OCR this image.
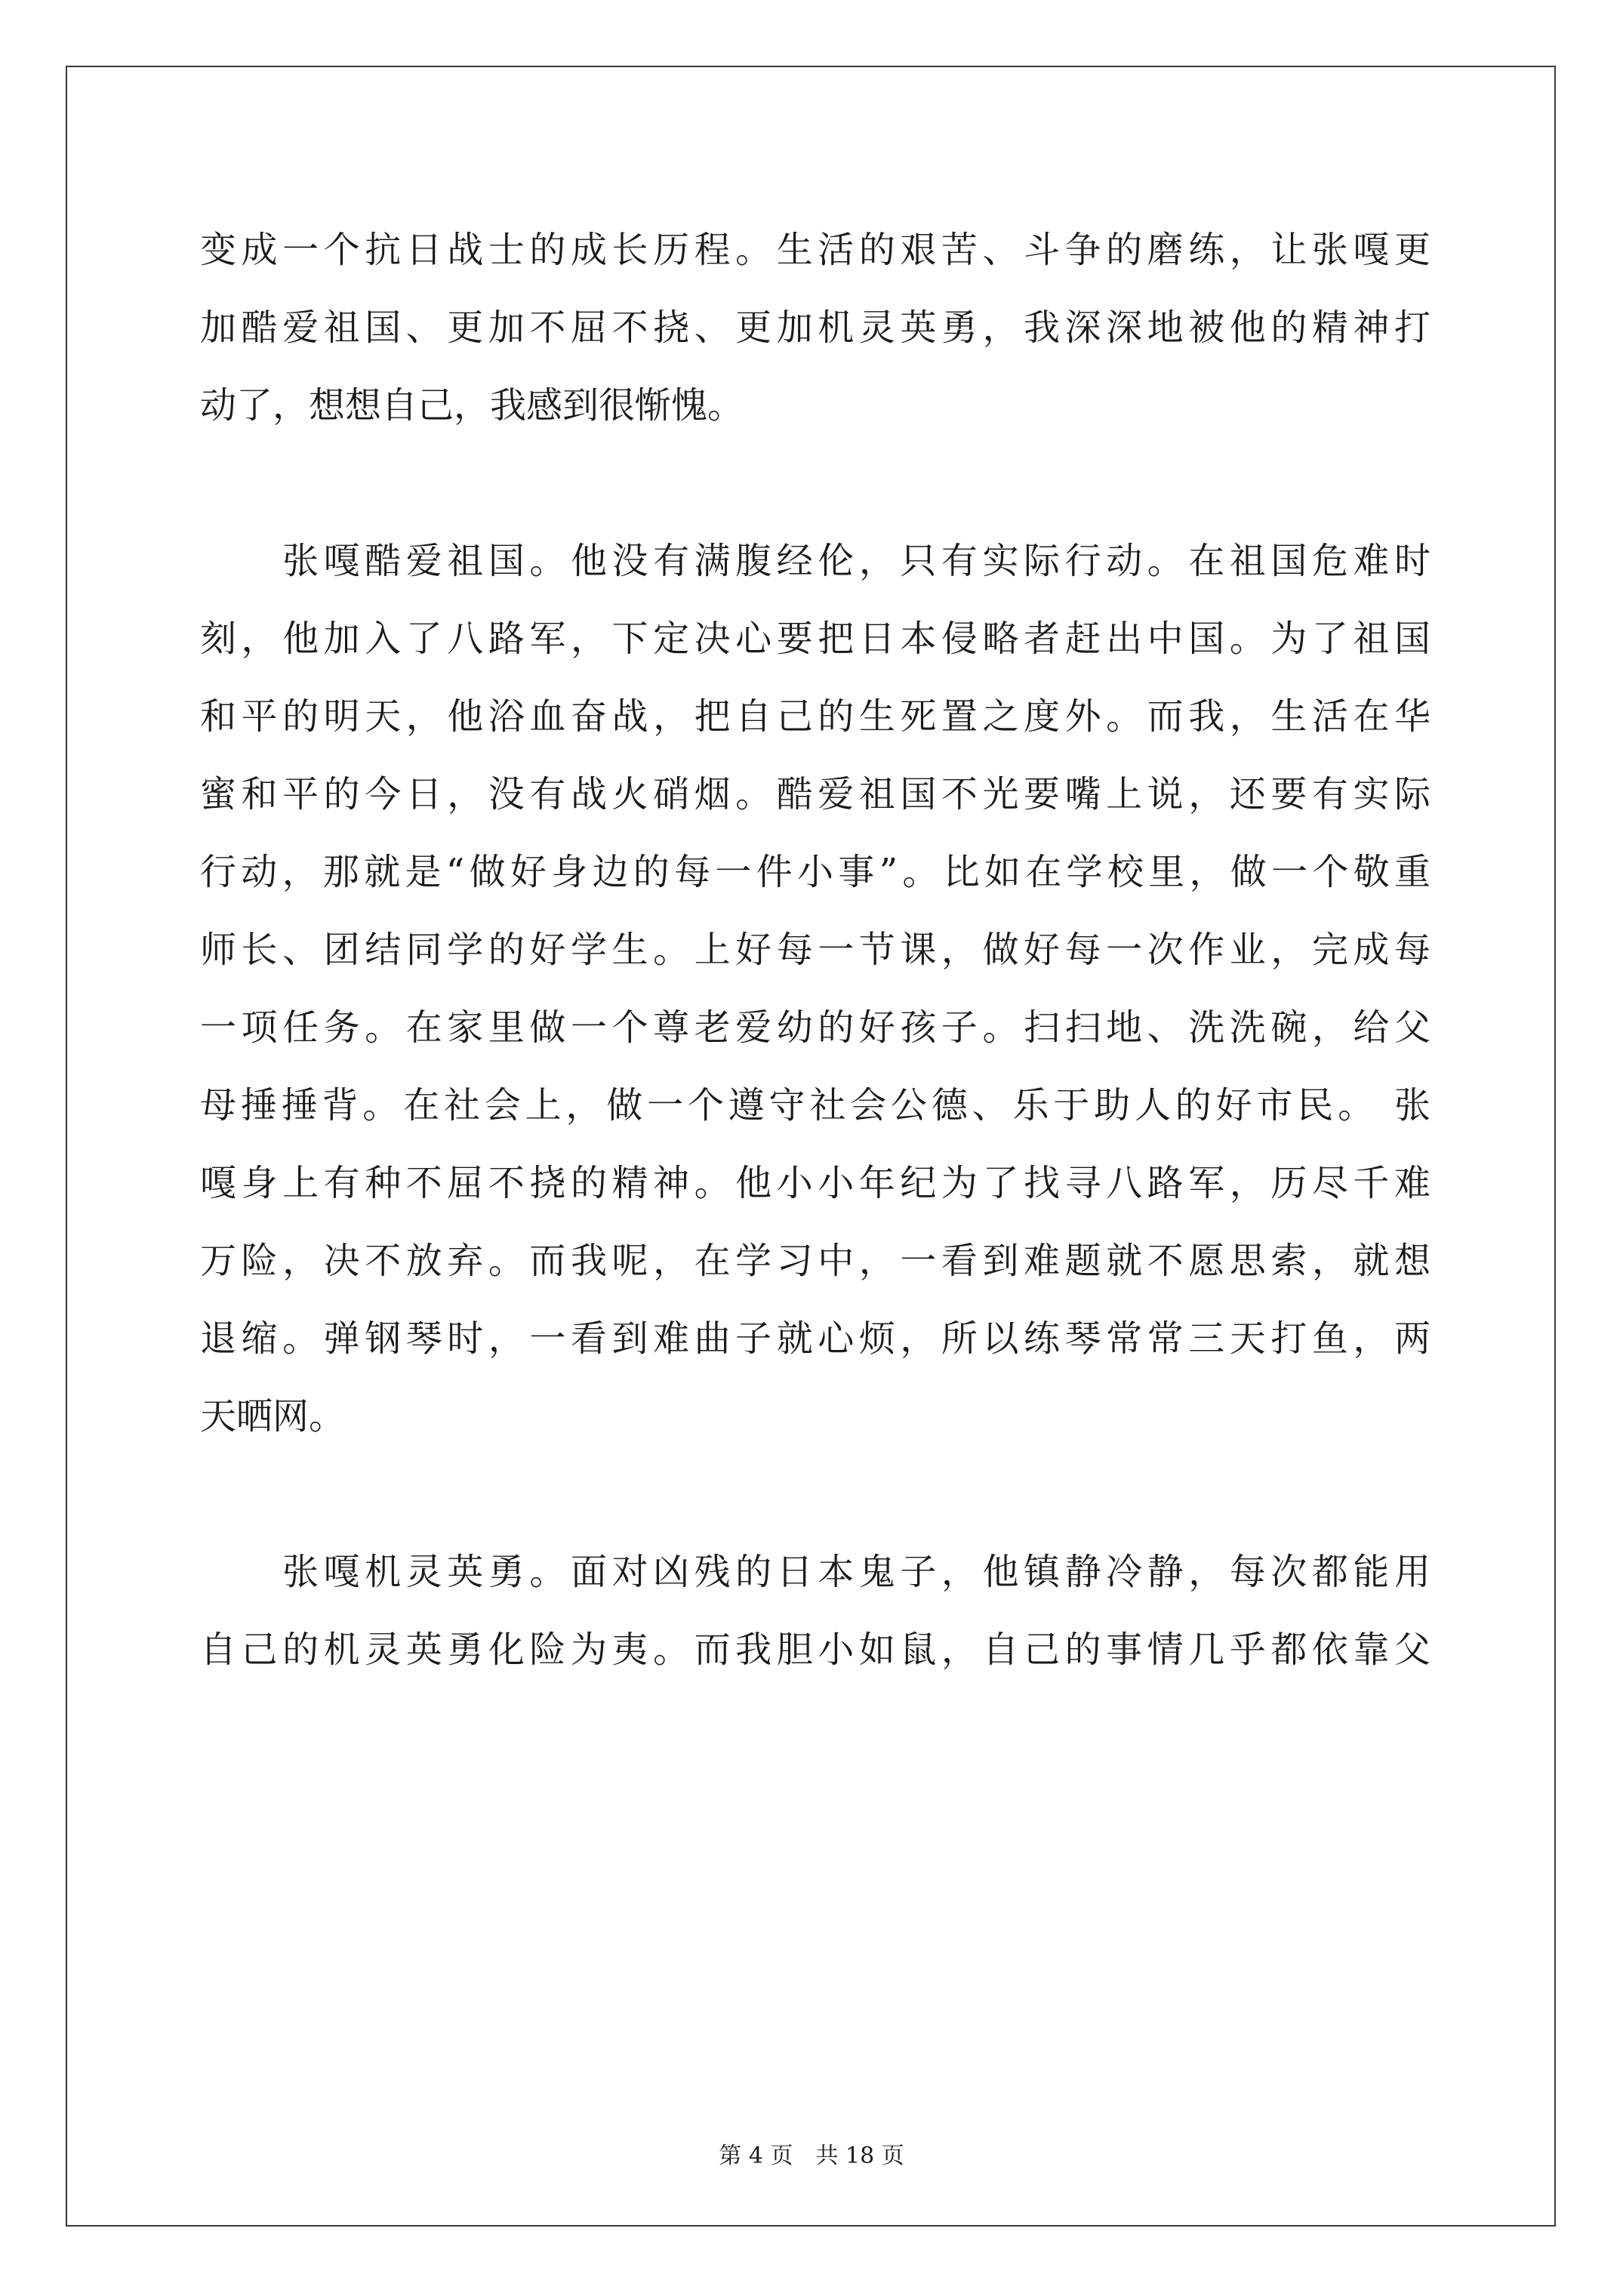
变成一个抗日战士的成长历程。生活的艰苦、斗争的磨练，让张嘎更
加酷爱祖国、更加不屈不挠、更加机灵英勇，我深深地被他的精神打
动了，想想自己，我感到很惭愧。
　　张嘎酷爱祖国。他没有满腹经伦，只有实际行动。在祖国危难时
刻，他加入了八路军，下定决心要把日本侵略者赶出中国。为了祖国
和平的明天，他浴血奋战，把自己的生死置之度外。而我，生活在华
蜜和平的今日，没有战火硝烟。酷爱祖国不光要嘴上说，还要有实际
行动，那就是“做好身边的每一件小事”。比如在学校里，做一个敬重
师长、团结同学的好学生。上好每一节课，做好每一次作业，完成每
一项任务。在家里做一个尊老爱幼的好孩子。扫扫地、洗洗碗，给父
母捶捶背。在社会上，做一个遵守社会公德、乐于助人的好市民。 张
嘎身上有种不屈不挠的精神。他小小年纪为了找寻八路军，历尽千难
万险，决不放弃。而我呢，在学习中，一看到难题就不愿思索，就想
退缩。弹钢琴时，一看到难曲子就心烦，所以练琴常常三天打鱼，两
天晒网。
　　张嘎机灵英勇。面对凶残的日本鬼子，他镇静冷静，每次都能用
自己的机灵英勇化险为夷。而我胆小如鼠，自己的事情几乎都依靠父
第 4 页　共 18 页
